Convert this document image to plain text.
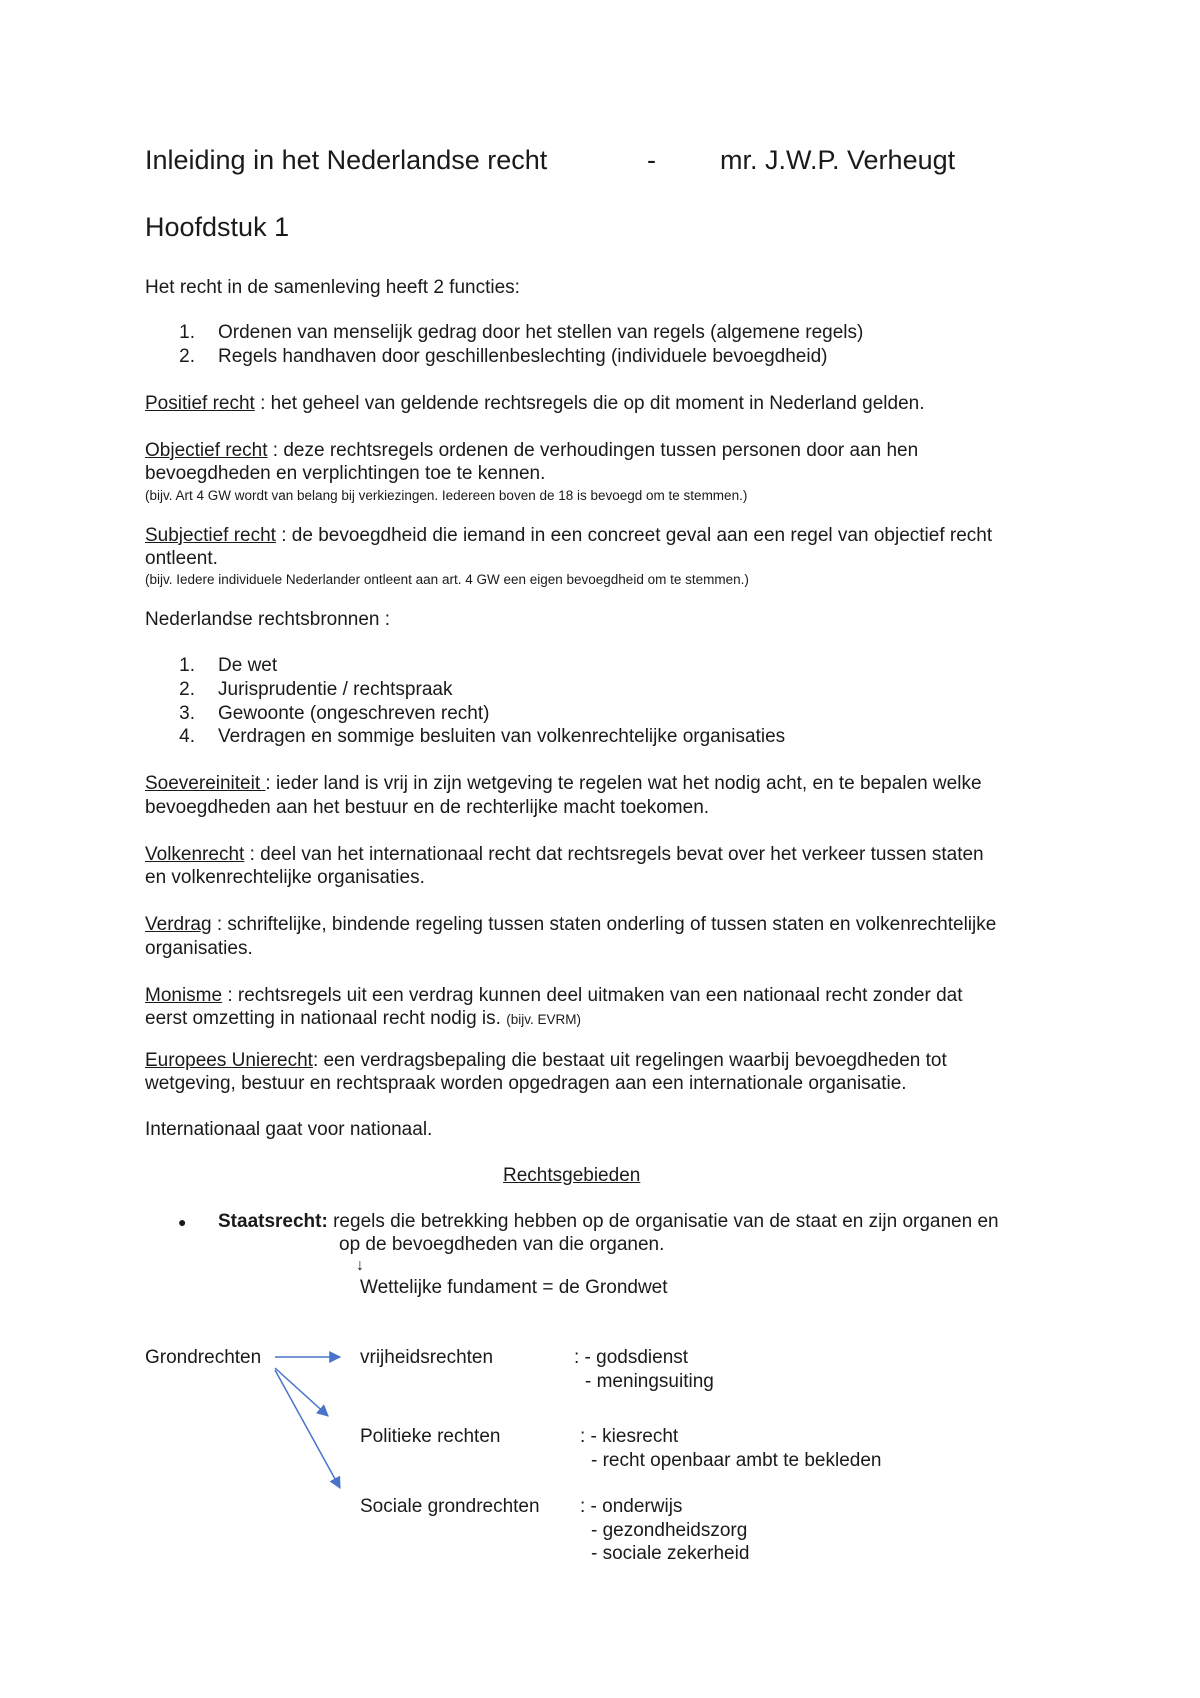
Inleiding in het Nederlandse recht	- mr. J.W.P. Verheugt
Hoofdstuk 1
Het recht in de samenleving heeft 2 functies:
1. Ordenen van menselijk gedrag door het stellen van regels (algemene regels)
2. Regels handhaven door geschillenbeslechting (individuele bevoegdheid)
Positief recht : het geheel van geldende rechtsregels die op dit moment in Nederland gelden.
Objectief recht : deze rechtsregels ordenen de verhoudingen tussen personen door aan hen
bevoegdheden en verplichtingen toe te kennen.
(bijv. Art 4 GW wordt van belang bij verkiezingen. Iedereen boven de 18 is bevoegd om te stemmen.)
Subjectief recht : de bevoegdheid die iemand in een concreet geval aan een regel van objectief recht
ontleent.
(bijv. Iedere individuele Nederlander ontleent aan art. 4 GW een eigen bevoegdheid om te stemmen.)
Nederlandse rechtsbronnen :
1. De wet
2. Jurisprudentie / rechtspraak
3. Gewoonte (ongeschreven recht)
4. Verdragen en sommige besluiten van volkenrechtelijke organisaties
Soevereiniteit : ieder land is vrij in zijn wetgeving te regelen wat het nodig acht, en te bepalen welke
bevoegdheden aan het bestuur en de rechterlijke macht toekomen.
Volkenrecht : deel van het internationaal recht dat rechtsregels bevat over het verkeer tussen staten
en volkenrechtelijke organisaties.
Verdrag : schriftelijke, bindende regeling tussen staten onderling of tussen staten en volkenrechtelijke
organisaties.
Monisme : rechtsregels uit een verdrag kunnen deel uitmaken van een nationaal recht zonder dat
eerst omzetting in nationaal recht nodig is. (bijv. EVRM)
Europees Unierecht: een verdragsbepaling die bestaat uit regelingen waarbij bevoegdheden tot
wetgeving, bestuur en rechtspraak worden opgedragen aan een internationale organisatie.
Internationaal gaat voor nationaal.
Rechtsgebieden
● Staatsrecht: regels die betrekking hebben op de organisatie van de staat en zijn organen en
op de bevoegdheden van die organen.
↓
Wettelijke fundament = de Grondwet
Grondrechten	vrijheidsrechten	: - godsdienst
- meningsuiting
Politieke rechten	: - kiesrecht
- recht openbaar ambt te bekleden
Sociale grondrechten : - onderwijs
- gezondheidszorg
- sociale zekerheid
